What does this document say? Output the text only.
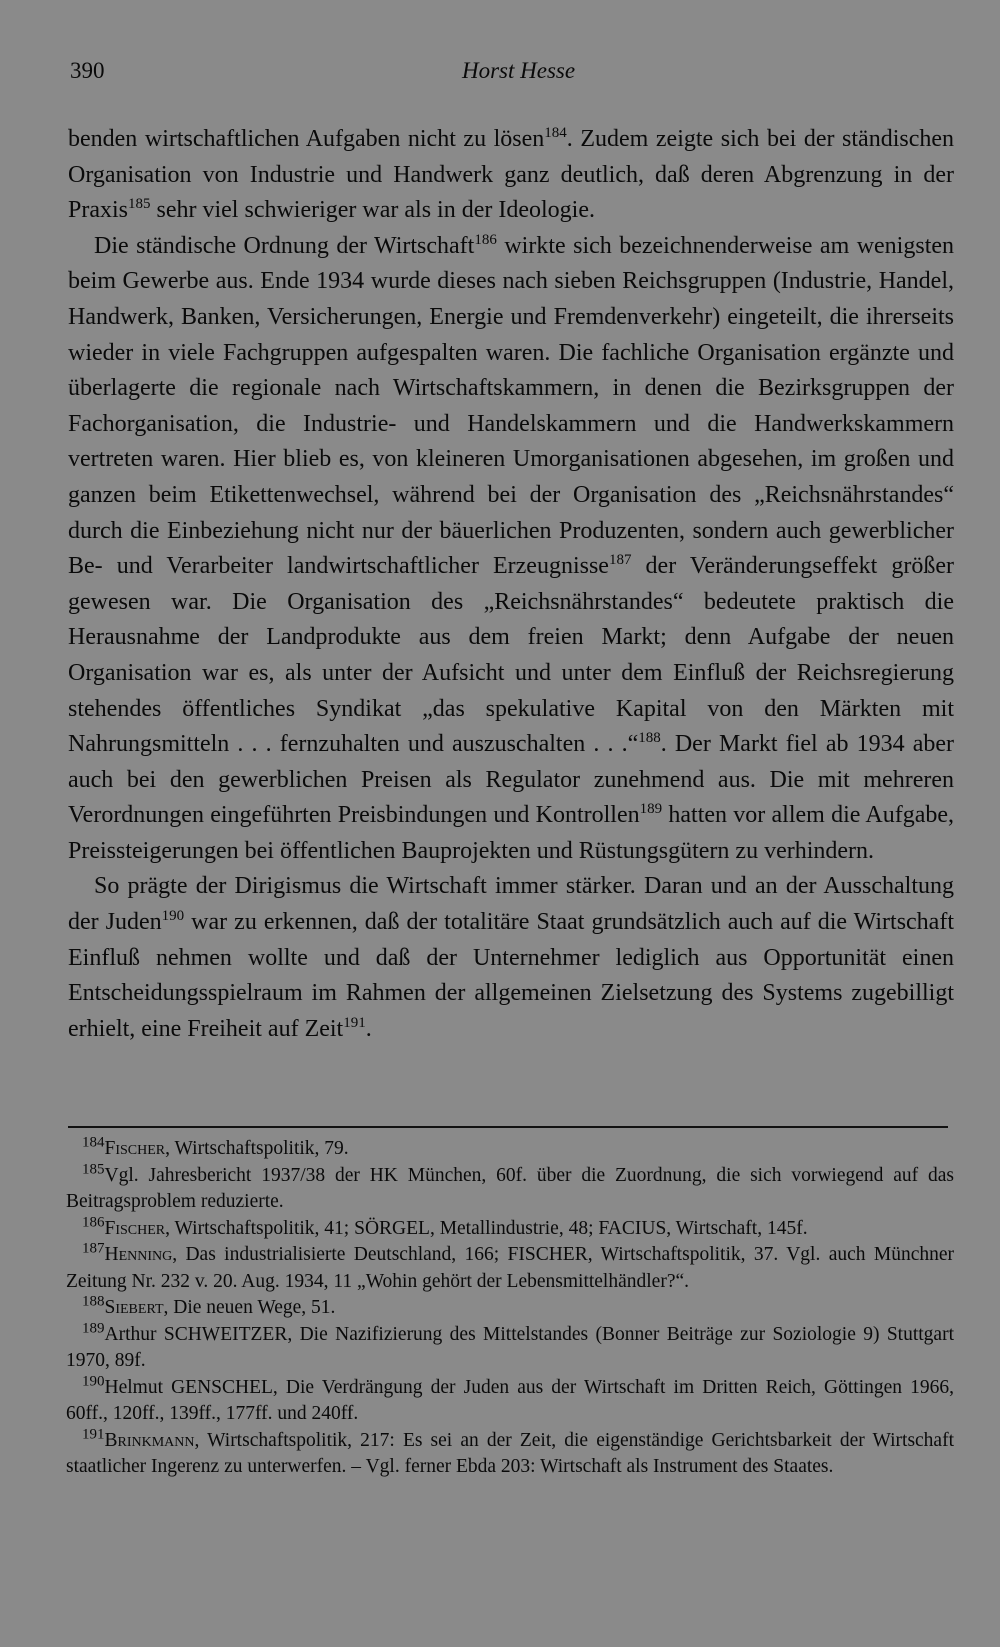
390	Horst Hesse

benden wirtschaftlichen Aufgaben nicht zu lösen$^{184}$. Zudem zeigte sich bei der ständischen Organisation von Industrie und Handwerk ganz deutlich, daß deren Abgrenzung in der Praxis$^{185}$ sehr viel schwieriger war als in der Ideologie.

Die ständische Ordnung der Wirtschaft$^{186}$ wirkte sich bezeichnenderweise am wenigsten beim Gewerbe aus. Ende 1934 wurde dieses nach sieben Reichsgruppen (Industrie, Handel, Handwerk, Banken, Versicherungen, Energie und Fremdenverkehr) eingeteilt, die ihrerseits wieder in viele Fachgruppen aufgespalten waren. Die fachliche Organisation ergänzte und überlagerte die regionale nach Wirtschaftskammern, in denen die Bezirksgruppen der Fachorganisation, die Industrie- und Handelskammern und die Handwerkskammern vertreten waren. Hier blieb es, von kleineren Umorganisationen abgesehen, im großen und ganzen beim Etikettenwechsel, während bei der Organisation des „Reichsnährstandes“ durch die Einbeziehung nicht nur der bäuerlichen Produzenten, sondern auch gewerblicher Be- und Verarbeiter landwirtschaftlicher Erzeugnisse$^{187}$ der Veränderungseffekt größer gewesen war. Die Organisation des „Reichsnährstandes“ bedeutete praktisch die Herausnahme der Landprodukte aus dem freien Markt; denn Aufgabe der neuen Organisation war es, als unter der Aufsicht und unter dem Einfluß der Reichsregierung stehendes öffentliches Syndikat „das spekulative Kapital von den Märkten mit Nahrungsmitteln . . . fernzuhalten und auszuschalten . . .“$^{188}$. Der Markt fiel ab 1934 aber auch bei den gewerblichen Preisen als Regulator zunehmend aus. Die mit mehreren Verordnungen eingeführten Preisbindungen und Kontrollen$^{189}$ hatten vor allem die Aufgabe, Preissteigerungen bei öffentlichen Bauprojekten und Rüstungsgütern zu verhindern.

So prägte der Dirigismus die Wirtschaft immer stärker. Daran und an der Ausschaltung der Juden$^{190}$ war zu erkennen, daß der totalitäre Staat grundsätzlich auch auf die Wirtschaft Einfluß nehmen wollte und daß der Unternehmer lediglich aus Opportunität einen Entscheidungsspielraum im Rahmen der allgemeinen Zielsetzung des Systems zugebilligt erhielt, eine Freiheit auf Zeit$^{191}$.

$^{184}$Fischer, Wirtschaftspolitik, 79.

$^{185}$Vgl. Jahresbericht 1937/38 der HK München, 60f. über die Zuordnung, die sich vorwiegend auf das Beitragsproblem reduzierte.

$^{186}$Fischer, Wirtschaftspolitik, 41; SÖRGEL, Metallindustrie, 48; FACIUS, Wirtschaft, 145f.

$^{187}$Henning, Das industrialisierte Deutschland, 166; FISCHER, Wirtschaftspolitik, 37. Vgl. auch Münchner Zeitung Nr. 232 v. 20. Aug. 1934, 11 „Wohin gehört der Lebensmittelhändler?“.

$^{188}$Siebert, Die neuen Wege, 51.

$^{189}$Arthur SCHWEITZER, Die Nazifizierung des Mittelstandes (Bonner Beiträge zur Soziologie 9) Stuttgart 1970, 89f.

$^{190}$Helmut GENSCHEL, Die Verdrängung der Juden aus der Wirtschaft im Dritten Reich, Göttingen 1966, 60ff., 120ff., 139ff., 177ff. und 240ff.

$^{191}$Brinkmann, Wirtschaftspolitik, 217: Es sei an der Zeit, die eigenständige Gerichtsbarkeit der Wirtschaft staatlicher Ingerenz zu unterwerfen. – Vgl. ferner Ebda 203: Wirtschaft als Instrument des Staates.
